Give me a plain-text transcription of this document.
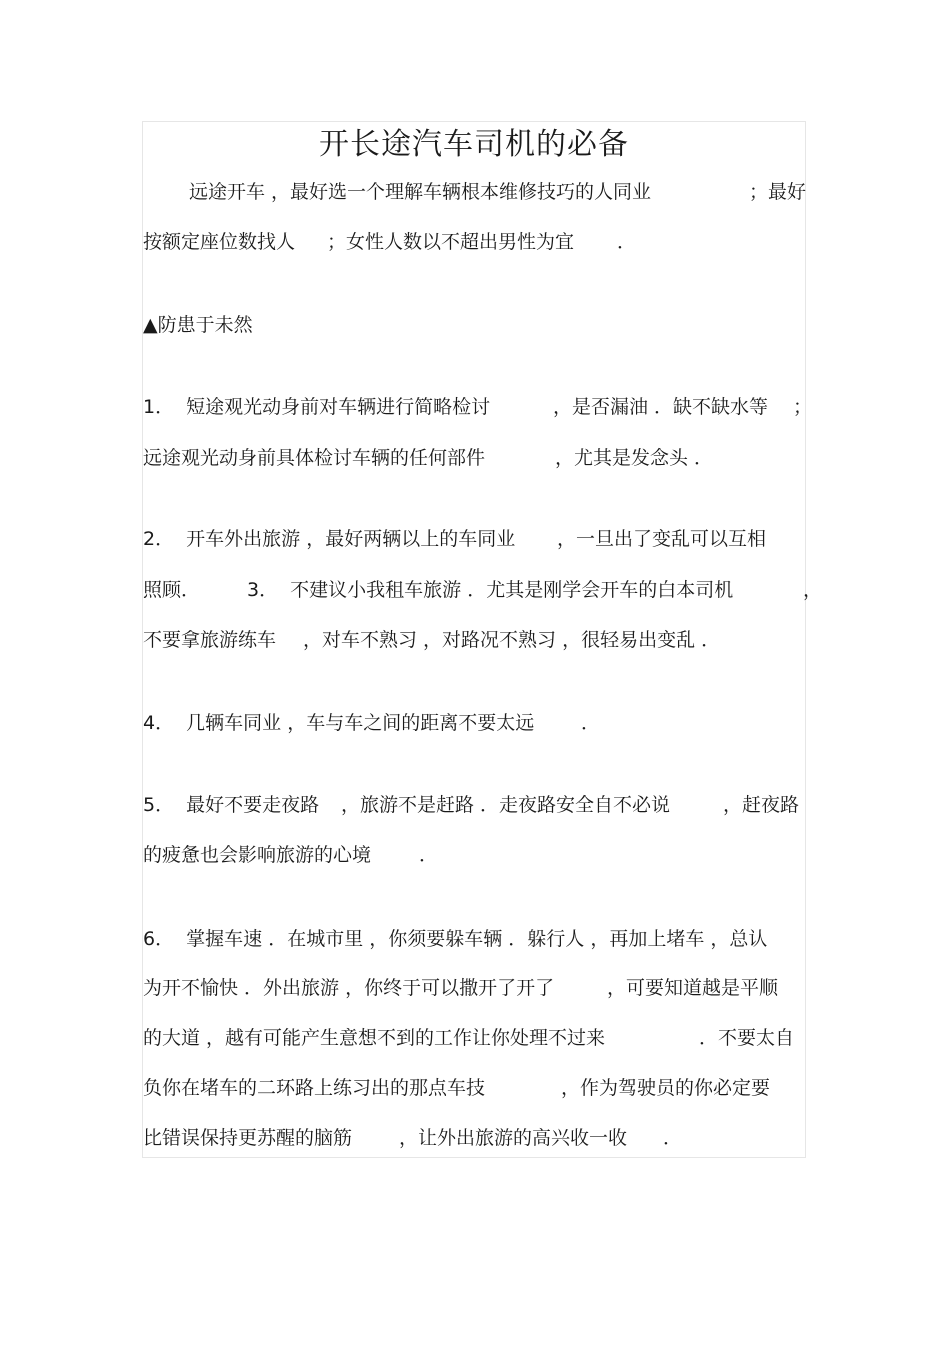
开长途汽车司机的必备

远途开车 ，最好选一个理解车辆根本维修技巧的人同业

	；最好

按额定座位数找人

；女性人数以不超出男性为宜

．

▲防患于未然

1．  短途观光动身前对车辆进行简略检讨

	，是否漏油 ．缺不缺水等

；

远途观光动身前具体检讨车辆的任何部件

	，尤其是发念头 ．

2．  开车外出旅游 ，最好两辆以上的车同业

，一旦出了变乱可以互相

照顾．

3．  不建议小我租车旅游 ．尤其是刚学会开车的白本司机

	，

不要拿旅游练车

，对车不熟习 ，对路况不熟习 ，很轻易出变乱 ．

4．  几辆车同业 ，车与车之间的距离不要太远

．

5．  最好不要走夜路

，旅游不是赶路 ．走夜路安全自不必说

	，赶夜路

的疲惫也会影响旅游的心境

	．

6．  掌握车速 ．在城市里 ，你须要躲车辆 ．躲行人 ，再加上堵车 ，总认

为开不愉快 ．外出旅游 ，你终于可以撒开了开了

	，可要知道越是平顺

的大道 ，越有可能产生意想不到的工作让你处理不过来

	．不要太自

负你在堵车的二环路上练习出的那点车技

	，作为驾驶员的你必定要

比错误保持更苏醒的脑筋

，让外出旅游的高兴收一收

．
